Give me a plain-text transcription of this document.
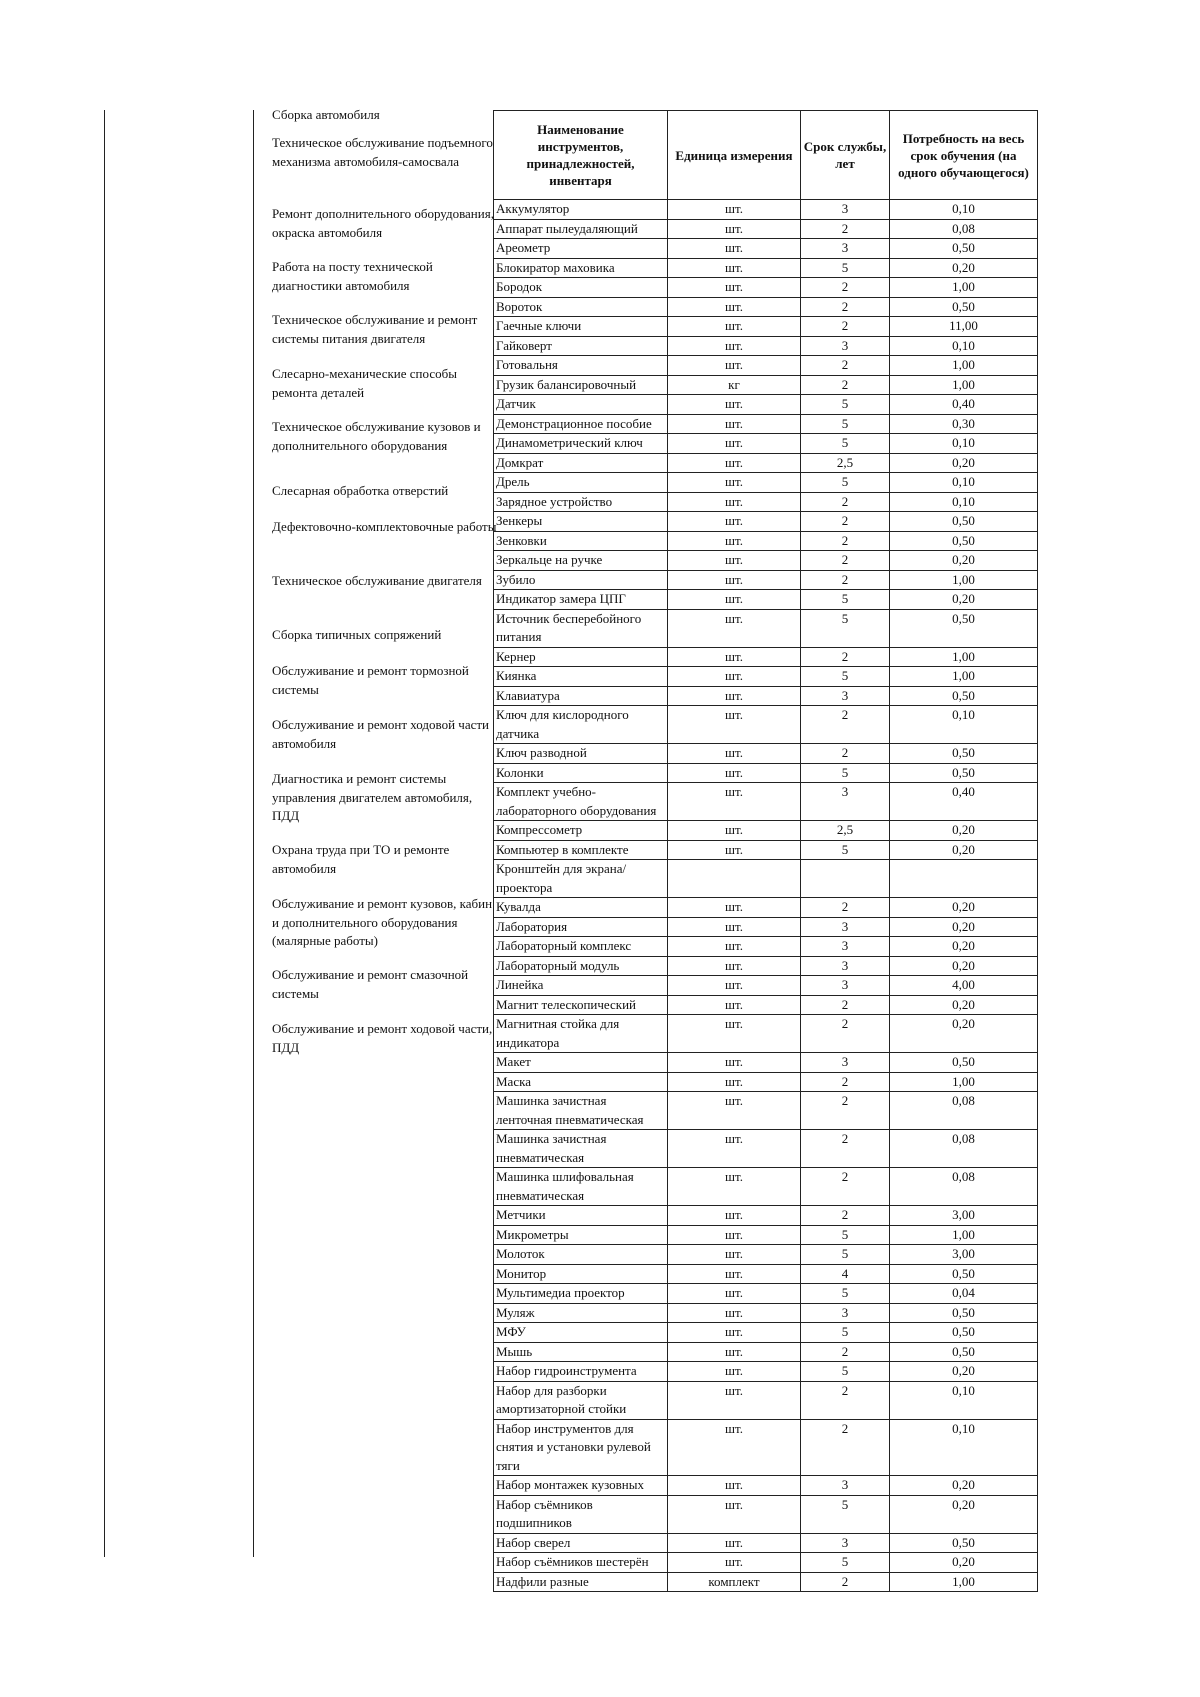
Сборка автомобиля
Техническое обслуживание подъемного механизма автомобиля-самосвала
Ремонт дополнительного оборудования, окраска автомобиля
Работа на посту технической диагностики автомобиля
Техническое обслуживание и ремонт системы питания двигателя
Слесарно-механические способы ремонта деталей
Техническое обслуживание кузовов и дополнительного оборудования
Слесарная обработка отверстий
Дефектовочно-комплектовочные работы
Техническое обслуживание двигателя
Сборка типичных сопряжений
Обслуживание и ремонт тормозной системы
Обслуживание и ремонт ходовой части автомобиля
Диагностика и ремонт системы управления двигателем автомобиля, ПДД
Охрана труда при ТО и ремонте автомобиля
Обслуживание и ремонт кузовов, кабин и дополнительного оборудования (малярные работы)
Обслуживание и ремонт смазочной системы
Обслуживание и ремонт ходовой части, ПДД
Наименование инструментов, принадлежностей, инвентаря	Единица измерения	Срок службы, лет	Потребность на весь срок обучения (на одного обучающегося)
Аккумулятор	шт.	3	0,10
Аппарат пылеудаляющий	шт.	2	0,08
Ареометр	шт.	3	0,50
Блокиратор маховика	шт.	5	0,20
Бородок	шт.	2	1,00
Вороток	шт.	2	0,50
Гаечные ключи	шт.	2	11,00
Гайковерт	шт.	3	0,10
Готовальня	шт.	2	1,00
Грузик балансировочный	кг	2	1,00
Датчик	шт.	5	0,40
Демонстрационное пособие	шт.	5	0,30
Динамометрический ключ	шт.	5	0,10
Домкрат	шт.	2,5	0,20
Дрель	шт.	5	0,10
Зарядное устройство	шт.	2	0,10
Зенкеры	шт.	2	0,50
Зенковки	шт.	2	0,50
Зеркальце на ручке	шт.	2	0,20
Зубило	шт.	2	1,00
Индикатор замера ЦПГ	шт.	5	0,20
Источник бесперебойного питания	шт.	5	0,50
Кернер	шт.	2	1,00
Киянка	шт.	5	1,00
Клавиатура	шт.	3	0,50
Ключ для кислородного датчика	шт.	2	0,10
Ключ разводной	шт.	2	0,50
Колонки	шт.	5	0,50
Комплект учебно-лабораторного оборудования	шт.	3	0,40
Компрессометр	шт.	2,5	0,20
Компьютер в комплекте	шт.	5	0,20
Кронштейн для экрана/проектора			
Кувалда	шт.	2	0,20
Лаборатория	шт.	3	0,20
Лабораторный комплекс	шт.	3	0,20
Лабораторный модуль	шт.	3	0,20
Линейка	шт.	3	4,00
Магнит телескопический	шт.	2	0,20
Магнитная стойка для индикатора	шт.	2	0,20
Макет	шт.	3	0,50
Маска	шт.	2	1,00
Машинка зачистная ленточная пневматическая	шт.	2	0,08
Машинка зачистная пневматическая	шт.	2	0,08
Машинка шлифовальная пневматическая	шт.	2	0,08
Метчики	шт.	2	3,00
Микрометры	шт.	5	1,00
Молоток	шт.	5	3,00
Монитор	шт.	4	0,50
Мультимедиа проектор	шт.	5	0,04
Муляж	шт.	3	0,50
МФУ	шт.	5	0,50
Мышь	шт.	2	0,50
Набор гидроинструмента	шт.	5	0,20
Набор для разборки амортизаторной стойки	шт.	2	0,10
Набор инструментов для снятия и установки рулевой тяги	шт.	2	0,10
Набор монтажек кузовных	шт.	3	0,20
Набор съёмников подшипников	шт.	5	0,20
Набор сверел	шт.	3	0,50
Набор съёмников шестерён	шт.	5	0,20
Надфили разные	комплект	2	1,00
